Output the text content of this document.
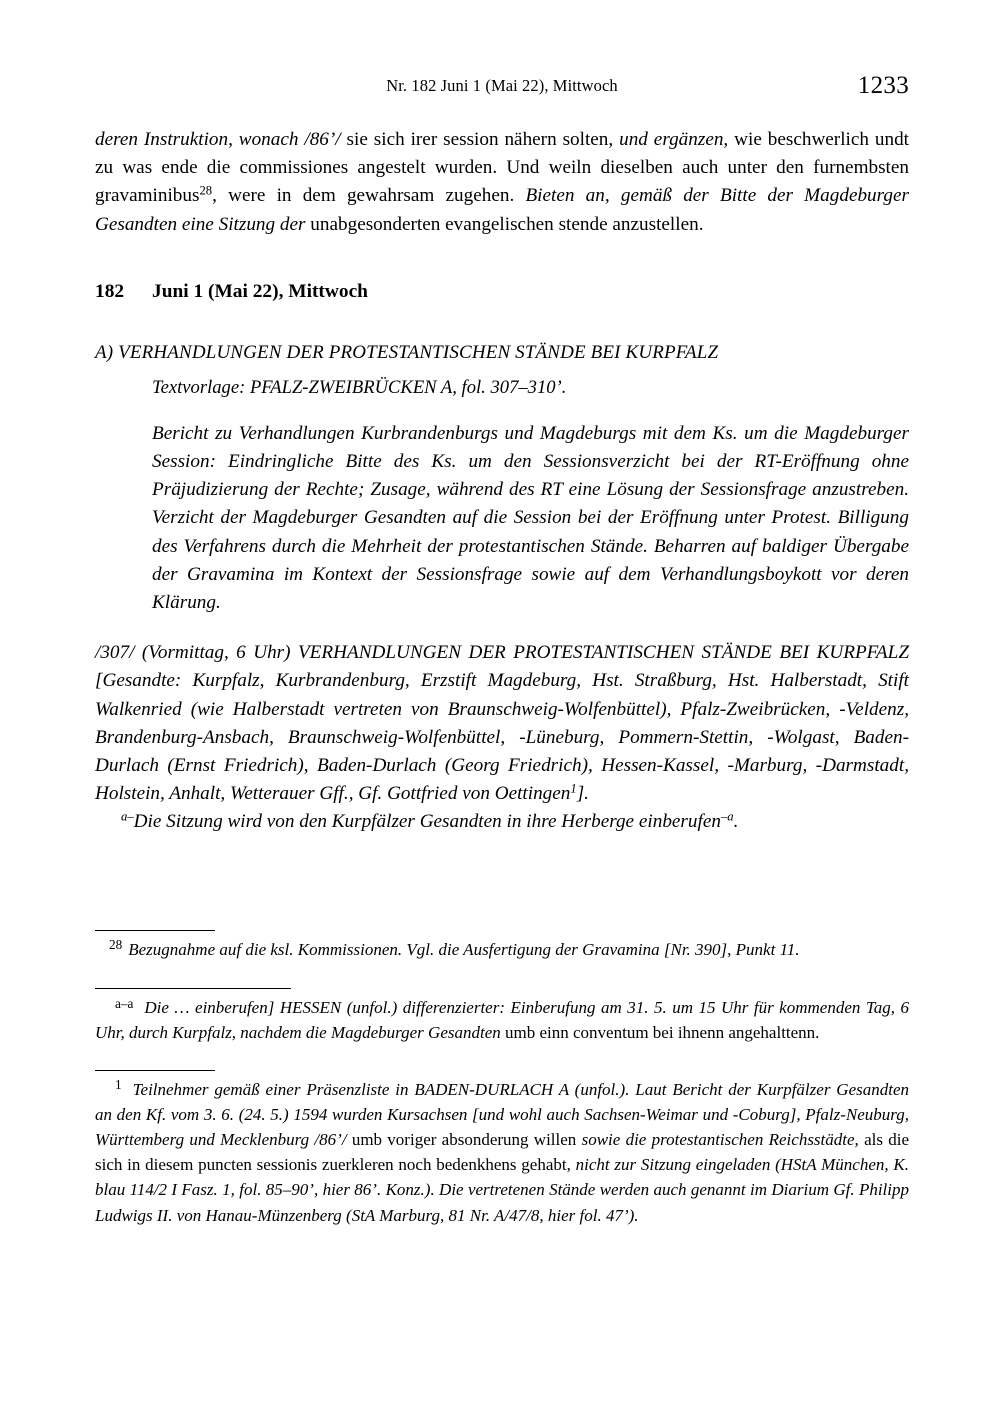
Nr. 182 Juni 1 (Mai 22), Mittwoch	1233

deren Instruktion, wonach /86’/ sie sich irer session nähern solten, und ergänzen, wie beschwerlich undt zu was ende die commissiones angestelt wurden. Und weiln dieselben auch unter den furnembsten gravaminibus$^{28}$, were in dem gewahrsam zugehen. Bieten an, gemäß der Bitte der Magdeburger Gesandten eine Sitzung der unabgesonderten evangelischen stende anzustellen.

182	Juni 1 (Mai 22), Mittwoch
A) VERHANDLUNGEN DER PROTESTANTISCHEN STÄNDE BEI KURPFALZ
Textvorlage: PFALZ-ZWEIBRÜCKEN A, fol. 307–310’.

Bericht zu Verhandlungen Kurbrandenburgs und Magdeburgs mit dem Ks. um die Magdeburger Session: Eindringliche Bitte des Ks. um den Sessionsverzicht bei der RT-Eröffnung ohne Präjudizierung der Rechte; Zusage, während des RT eine Lösung der Sessionsfrage anzustreben. Verzicht der Magdeburger Gesandten auf die Session bei der Eröffnung unter Protest. Billigung des Verfahrens durch die Mehrheit der protestantischen Stände. Beharren auf baldiger Übergabe der Gravamina im Kontext der Sessionsfrage sowie auf dem Verhandlungsboykott vor deren Klärung.

/307/ (Vormittag, 6 Uhr) VERHANDLUNGEN DER PROTESTANTISCHEN STÄNDE BEI KURPFALZ [Gesandte: Kurpfalz, Kurbrandenburg, Erzstift Magdeburg, Hst. Straßburg, Hst. Halberstadt, Stift Walkenried (wie Halberstadt vertreten von Braunschweig-Wolfenbüttel), Pfalz-Zweibrücken, -Veldenz, Brandenburg-Ansbach, Braunschweig-Wolfenbüttel, -Lüneburg, Pommern-Stettin, -Wolgast, Baden-Durlach (Ernst Friedrich), Baden-Durlach (Georg Friedrich), Hessen-Kassel, -Marburg, -Darmstadt, Holstein, Anhalt, Wetterauer Gff., Gf. Gottfried von Oettingen$^1$].

$^{a-}$Die Sitzung wird von den Kurpfälzer Gesandten in ihre Herberge einberufen$^{-a}$.

$^{28}$ Bezugnahme auf die ksl. Kommissionen. Vgl. die Ausfertigung der Gravamina [Nr. 390], Punkt 11.

$^{a-a}$ Die … einberufen] HESSEN (unfol.) differenzierter: Einberufung am 31. 5. um 15 Uhr für kommenden Tag, 6 Uhr, durch Kurpfalz, nachdem die Magdeburger Gesandten umb einn conventum bei ihnenn angehalttenn.

$^1$ Teilnehmer gemäß einer Präsenzliste in BADEN-DURLACH A (unfol.). Laut Bericht der Kurpfälzer Gesandten an den Kf. vom 3. 6. (24. 5.) 1594 wurden Kursachsen [und wohl auch Sachsen-Weimar und -Coburg], Pfalz-Neuburg, Württemberg und Mecklenburg /86’/ umb voriger absonderung willen sowie die protestantischen Reichsstädte, als die sich in diesem puncten sessionis zuerkleren noch bedenkhens gehabt, nicht zur Sitzung eingeladen (HStA München, K. blau 114/2 I Fasz. 1, fol. 85–90’, hier 86’. Konz.). Die vertretenen Stände werden auch genannt im Diarium Gf. Philipp Ludwigs II. von Hanau-Münzenberg (StA Marburg, 81 Nr. A/47/8, hier fol. 47’).
